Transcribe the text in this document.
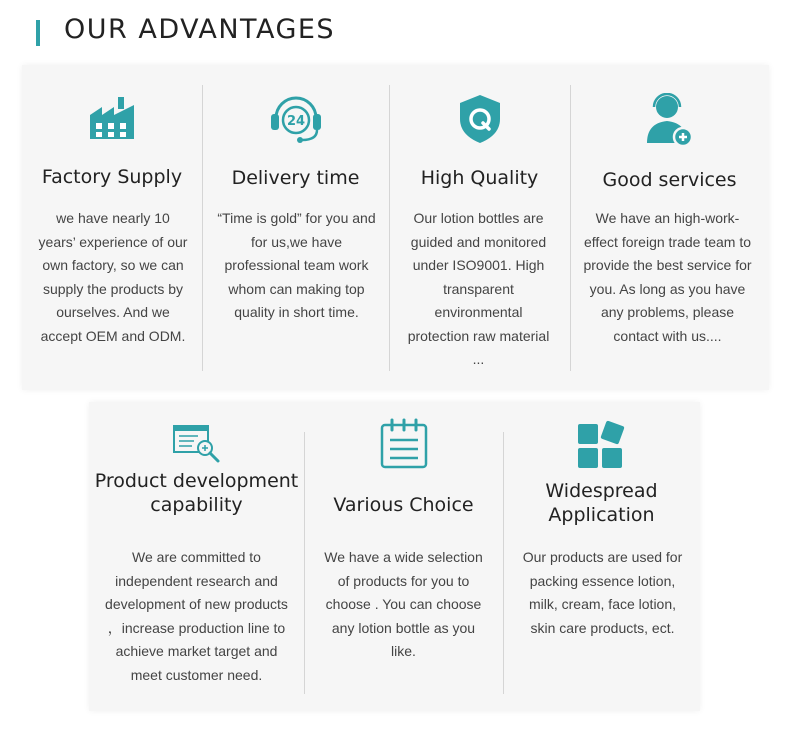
OUR ADVANTAGES
Factory Supply
we have nearly 10 years’ experience of our own factory, so we can supply the products by ourselves. And we accept OEM and ODM.
24
Delivery time
“Time is gold” for you and for us,we have professional team work whom can making top quality in short time.
High Quality
Our lotion bottles are guided and monitored under ISO9001. High transparent environmental protection raw material ...
Good services
We have an high-work-effect foreign trade team to provide the best service for you. As long as you have any problems, please contact with us....
Product development capability
We are committed to independent research and development of new products ，increase production line to achieve market target and meet customer need.
Various Choice
We have a wide selection of products for you to choose . You can choose any lotion bottle as you like.
Widespread Application
Our products are used for packing essence lotion, milk, cream, face lotion, skin care products, ect.
